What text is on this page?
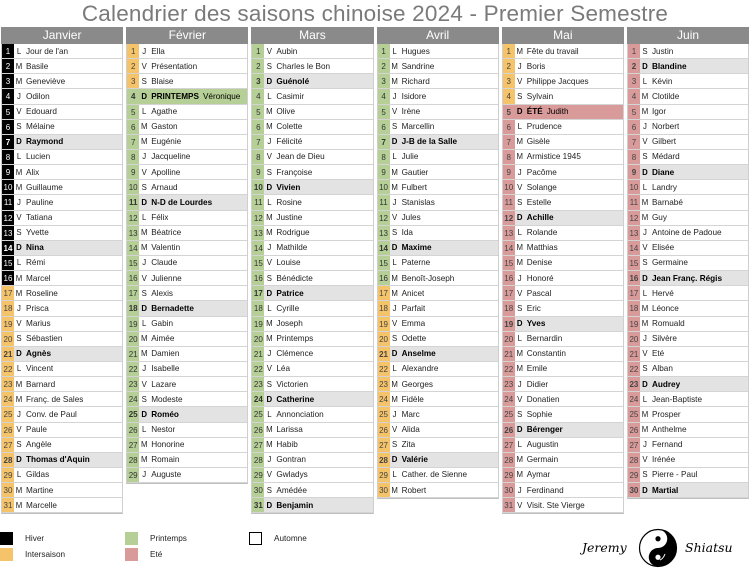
Calendrier des saisons chinoise 2024 - Premier Semestre
Janvier
1 L Jour de l'an
2 M Basile
3 M Geneviève
4 J Odilon
5 V Edouard
6 S Mélaine
7 D Raymond
8 L Lucien
9 M Alix
10 M Guillaume
11 J Pauline
12 V Tatiana
13 S Yvette
14 D Nina
15 L Rémi
16 M Marcel
17 M Roseline
18 J Prisca
19 V Marius
20 S Sébastien
21 D Agnès
22 L Vincent
23 M Barnard
24 M Franç. de Sales
25 J Conv. de Paul
26 V Paule
27 S Angèle
28 D Thomas d'Aquin
29 L Gildas
30 M Martine
31 M Marcelle
Février
1 J Ella
2 V Présentation
3 S Blaise
4 D PRINTEMPS Véronique
5 L Agathe
6 M Gaston
7 M Eugénie
8 J Jacqueline
9 V Apolline
10 S Arnaud
11 D N-D de Lourdes
12 L Félix
13 M Béatrice
14 M Valentin
15 J Claude
16 V Julienne
17 S Alexis
18 D Bernadette
19 L Gabin
20 M Aimée
21 M Damien
22 J Isabelle
23 V Lazare
24 S Modeste
25 D Roméo
26 L Nestor
27 M Honorine
28 M Romain
29 J Auguste
Mars
1 V Aubin
2 S Charles le Bon
3 D Guénolé
4 L Casimir
5 M Olive
6 M Colette
7 J Félicité
8 V Jean de Dieu
9 S Françoise
10 D Vivien
11 L Rosine
12 M Justine
13 M Rodrigue
14 J Mathilde
15 V Louise
16 S Bénédicte
17 D Patrice
18 L Cyrille
19 M Joseph
20 M Printemps
21 J Clémence
22 V Léa
23 S Victorien
24 D Catherine
25 L Annonciation
26 M Larissa
27 M Habib
28 J Gontran
29 V Gwladys
30 S Amédée
31 D Benjamin
Avril
1 L Hugues
2 M Sandrine
3 M Richard
4 J Isidore
5 V Irène
6 S Marcellin
7 D J-B de la Salle
8 L Julie
9 M Gautier
10 M Fulbert
11 J Stanislas
12 V Jules
13 S Ida
14 D Maxime
15 L Paterne
16 M Benoît-Joseph
17 M Anicet
18 J Parfait
19 V Emma
20 S Odette
21 D Anselme
22 L Alexandre
23 M Georges
24 M Fidèle
25 J Marc
26 V Alida
27 S Zita
28 D Valérie
29 L Cather. de Sienne
30 M Robert
Mai
1 M Fête du travail
2 J Boris
3 V Philippe Jacques
4 S Sylvain
5 D ÉTÉ Judith
6 L Prudence
7 M Gisèle
8 M Armistice 1945
9 J Pacôme
10 V Solange
11 S Estelle
12 D Achille
13 L Rolande
14 M Matthias
15 M Denise
16 J Honoré
17 V Pascal
18 S Eric
19 D Yves
20 L Bernardin
21 M Constantin
22 M Emile
23 J Didier
24 V Donatien
25 S Sophie
26 D Bérenger
27 L Augustin
28 M Germain
29 M Aymar
30 J Ferdinand
31 V Visit. Ste Vierge
Juin
1 S Justin
2 D Blandine
3 L Kévin
4 M Clotilde
5 M Igor
6 J Norbert
7 V Gilbert
8 S Médard
9 D Diane
10 L Landry
11 M Barnabé
12 M Guy
13 J Antoine de Padoue
14 V Elisée
15 S Germaine
16 D Jean Franç. Régis
17 L Hervé
18 M Léonce
19 M Romuald
20 J Silvère
21 V Eté
22 S Alban
23 D Audrey
24 L Jean-Baptiste
25 M Prosper
26 M Anthelme
27 J Fernand
28 V Irénée
29 S Pierre - Paul
30 D Martial
Hiver
Intersaison
Printemps
Eté
Automne
Jeremy	Shiatsu
